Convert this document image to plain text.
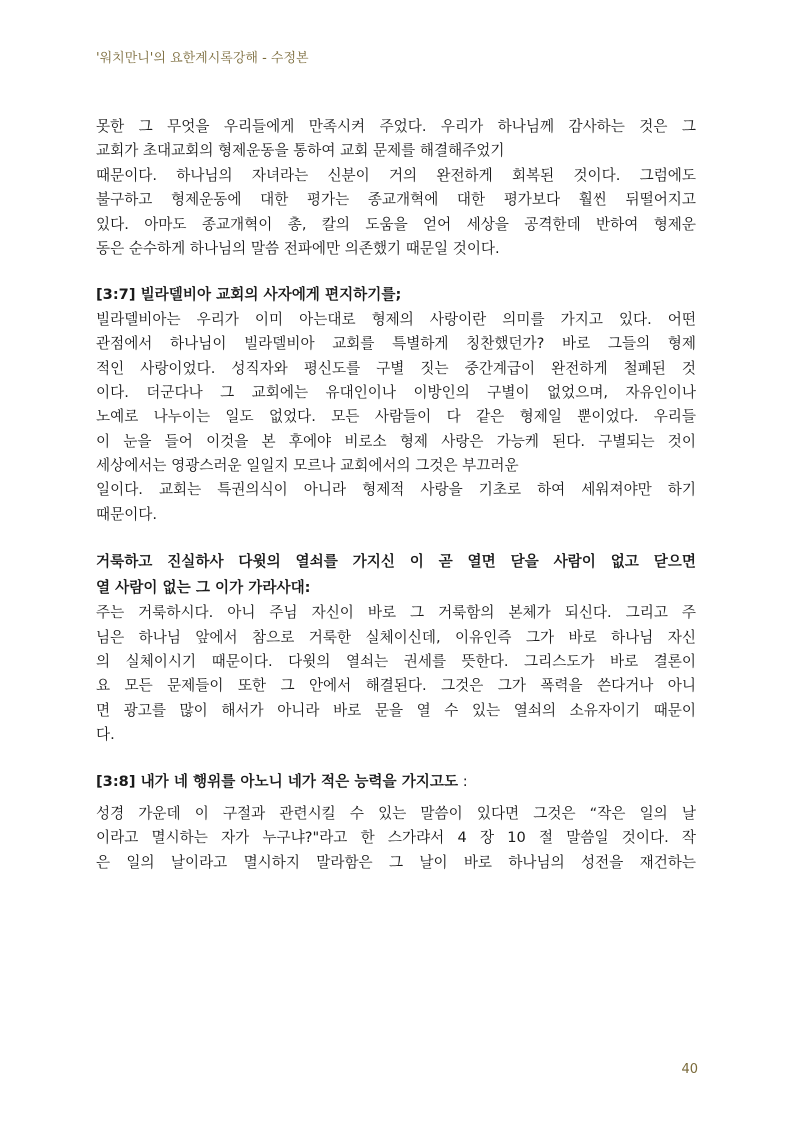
'워치만니'의 요한계시록강해 - 수정본
못한 그 무엇을 우리들에게 만족시켜 주었다. 우리가 하나님께 감사하는 것은 그
교회가 초대교회의 형제운동을 통하여 교회 문제를 해결해주었기
때문이다. 하나님의 자녀라는 신분이 거의 완전하게 회복된 것이다. 그럼에도
불구하고 형제운동에 대한 평가는 종교개혁에 대한 평가보다 훨씬 뒤떨어지고
있다. 아마도 종교개혁이 총, 칼의 도움을 얻어 세상을 공격한데 반하여 형제운
동은 순수하게 하나님의 말씀 전파에만 의존했기 때문일 것이다.
[3:7] 빌라델비아 교회의 사자에게 편지하기를;
빌라델비아는 우리가 이미 아는대로 형제의 사랑이란 의미를 가지고 있다. 어떤
관점에서 하나님이 빌라델비아 교회를 특별하게 칭찬했던가? 바로 그들의 형제
적인 사랑이었다. 성직자와 평신도를 구별 짓는 중간계급이 완전하게 철폐된 것
이다. 더군다나 그 교회에는 유대인이나 이방인의 구별이 없었으며, 자유인이나
노예로 나누이는 일도 없었다. 모든 사람들이 다 같은 형제일 뿐이었다. 우리들
이 눈을 들어 이것을 본 후에야 비로소 형제 사랑은 가능케 된다. 구별되는 것이
세상에서는 영광스러운 일일지 모르나 교회에서의 그것은 부끄러운
일이다. 교회는 특권의식이 아니라 형제적 사랑을 기초로 하여 세워져야만 하기
때문이다.
거룩하고 진실하사 다윗의 열쇠를 가지신 이 곧 열면 닫을 사람이 없고 닫으면
열 사람이 없는 그 이가 가라사대:
주는 거룩하시다. 아니 주님 자신이 바로 그 거룩함의 본체가 되신다. 그리고 주
님은 하나님 앞에서 참으로 거룩한 실체이신데, 이유인즉 그가 바로 하나님 자신
의 실체이시기 때문이다. 다윗의 열쇠는 권세를 뜻한다. 그리스도가 바로 결론이
요 모든 문제들이 또한 그 안에서 해결된다. 그것은 그가 폭력을 쓴다거나 아니
면 광고를 많이 해서가 아니라 바로 문을 열 수 있는 열쇠의 소유자이기 때문이
다.
[3:8] 내가 네 행위를 아노니 네가 적은 능력을 가지고도 :
성경 가운데 이 구절과 관련시킬 수 있는 말씀이 있다면 그것은 “작은 일의 날
이라고 멸시하는 자가 누구냐?"라고 한 스가랴서 4 장 10 절 말씀일 것이다. 작
은 일의 날이라고 멸시하지 말라함은 그 날이 바로 하나님의 성전을 재건하는
40
